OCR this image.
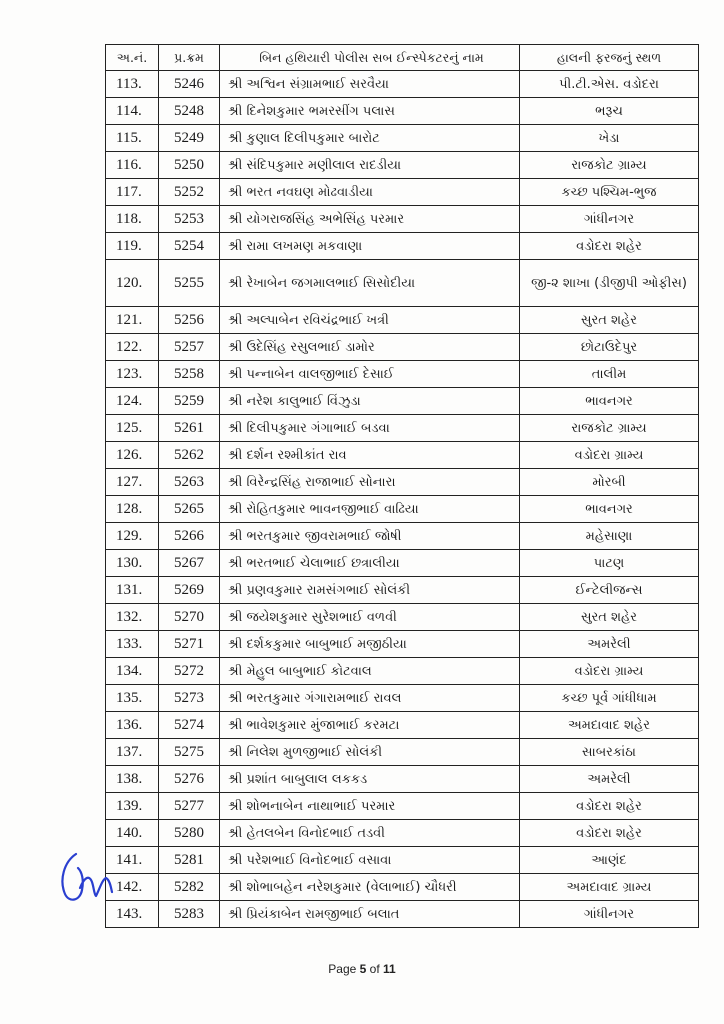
અ.નં.	પ્ર.ક્રમ	બિન હથિયારી પોલીસ સબ ઈન્સ્પેકટરનું નામ	હાલની ફરજનું સ્થળ
113.	5246	શ્રી અશ્વિન સંગ્રામભાઈ સરવૈયા	પી.ટી.એસ. વડોદરા
114.	5248	શ્રી દિનેશકુમાર ભમરસીંગ પલાસ	ભરૂચ
115.	5249	શ્રી કુણાલ દિલીપકુમાર બારોટ	ખેડા
116.	5250	શ્રી સંદિપકુમાર મણીલાલ રાદડીયા	રાજકોટ ગ્રામ્ય
117.	5252	શ્રી ભરત નવઘણ મોઢવાડીયા	કચ્છ પશ્ચિમ-ભુજ
118.	5253	શ્રી યોગરાજસિંહ અભેસિંહ પરમાર	ગાંધીનગર
119.	5254	શ્રી રામા લખમણ મકવાણા	વડોદરા શહેર
120.	5255	શ્રી રેખાબેન જગમાલભાઈ સિસોદીયા	જી-૨ શાખા (ડીજીપી ઓફીસ)
121.	5256	શ્રી અલ્પાબેન રવિચંદ્રભાઈ ખત્રી	સુરત શહેર
122.	5257	શ્રી ઉદેસિંહ રસુલભાઈ ડામોર	છોટાઉદેપુર
123.	5258	શ્રી પન્નાબેન વાલજીભાઈ દેસાઈ	તાલીમ
124.	5259	શ્રી નરેશ કાલુભાઈ વિંઝુડા	ભાવનગર
125.	5261	શ્રી દિલીપકુમાર ગંગાભાઈ બડવા	રાજકોટ ગ્રામ્ય
126.	5262	શ્રી દર્શન રશ્મીકાંત રાવ	વડોદરા ગ્રામ્ય
127.	5263	શ્રી વિરેન્દ્રસિંહ રાજાભાઈ સોનારા	મોરબી
128.	5265	શ્રી રોહિતકુમાર ભાવનજીભાઈ વાઢિયા	ભાવનગર
129.	5266	શ્રી ભરતકુમાર જીવરામભાઈ જોષી	મહેસાણા
130.	5267	શ્રી ભરતભાઈ ચેલાભાઈ છત્રાલીયા	પાટણ
131.	5269	શ્રી પ્રણવકુમાર રામસંગભાઈ સોલંકી	ઈન્ટેલીજન્સ
132.	5270	શ્રી જયેશકુમાર સુરેશભાઈ વળવી	સુરત શહેર
133.	5271	શ્રી દર્શકકુમાર બાબુભાઈ મજીઠીયા	અમરેલી
134.	5272	શ્રી મેહુલ બાબુભાઈ કોટવાલ	વડોદરા ગ્રામ્ય
135.	5273	શ્રી ભરતકુમાર ગંગારામભાઈ રાવલ	કચ્છ પૂર્વ ગાંધીધામ
136.	5274	શ્રી ભાવેશકુમાર મુંજાભાઈ કરમટા	અમદાવાદ શહેર
137.	5275	શ્રી નિલેશ મુળજીભાઈ સોલંકી	સાબરકાંઠા
138.	5276	શ્રી પ્રશાંત બાબુલાલ લકકડ	અમરેલી
139.	5277	શ્રી શોભનાબેન નાથાભાઈ પરમાર	વડોદરા શહેર
140.	5280	શ્રી હેતલબેન વિનોદભાઈ તડવી	વડોદરા શહેર
141.	5281	શ્રી પરેશભાઈ વિનોદભાઈ વસાવા	આણંદ
142.	5282	શ્રી શોભાબહેન નરેશકુમાર (વેલાભાઈ) ચૌધરી	અમદાવાદ ગ્રામ્ય
143.	5283	શ્રી પ્રિયંકાબેન રામજીભાઈ બલાત	ગાંધીનગર
Page 5 of 11
